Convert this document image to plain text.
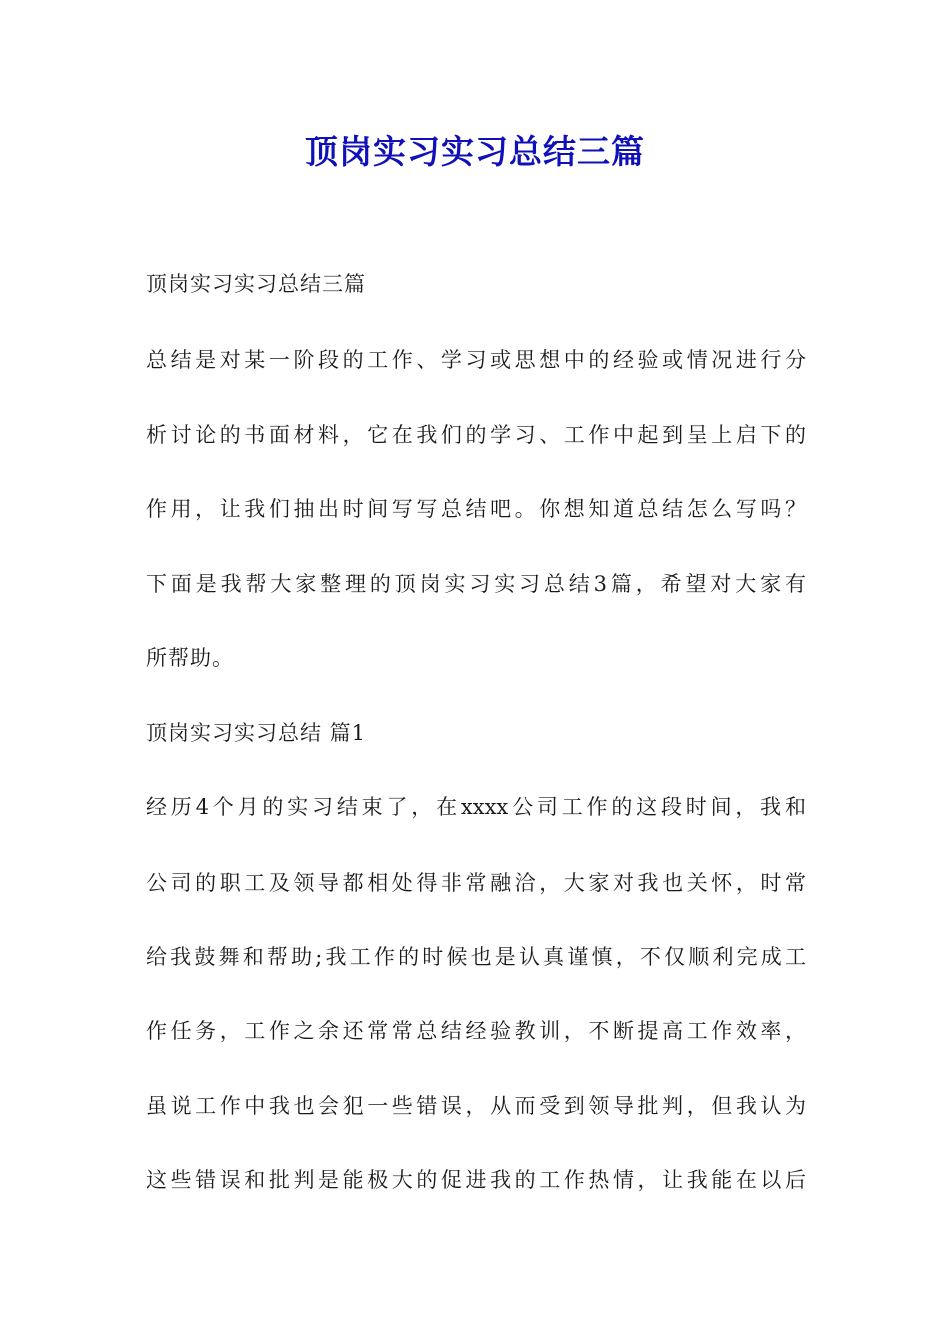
顶岗实习实习总结三篇
顶岗实习实习总结三篇
总结是对某一阶段的工作、学习或思想中的经验或情况进行分
析讨论的书面材料，它在我们的学习、工作中起到呈上启下的
作用，让我们抽出时间写写总结吧。你想知道总结怎么写吗？
下面是我帮大家整理的顶岗实习实习总结3篇，希望对大家有
所帮助。
顶岗实习实习总结 篇1
经历4个月的实习结束了，在xxxx公司工作的这段时间，我和
公司的职工及领导都相处得非常融洽，大家对我也关怀，时常
给我鼓舞和帮助;我工作的时候也是认真谨慎，不仅顺利完成工
作任务，工作之余还常常总结经验教训，不断提高工作效率，
虽说工作中我也会犯一些错误，从而受到领导批判，但我认为
这些错误和批判是能极大的促进我的工作热情，让我能在以后
